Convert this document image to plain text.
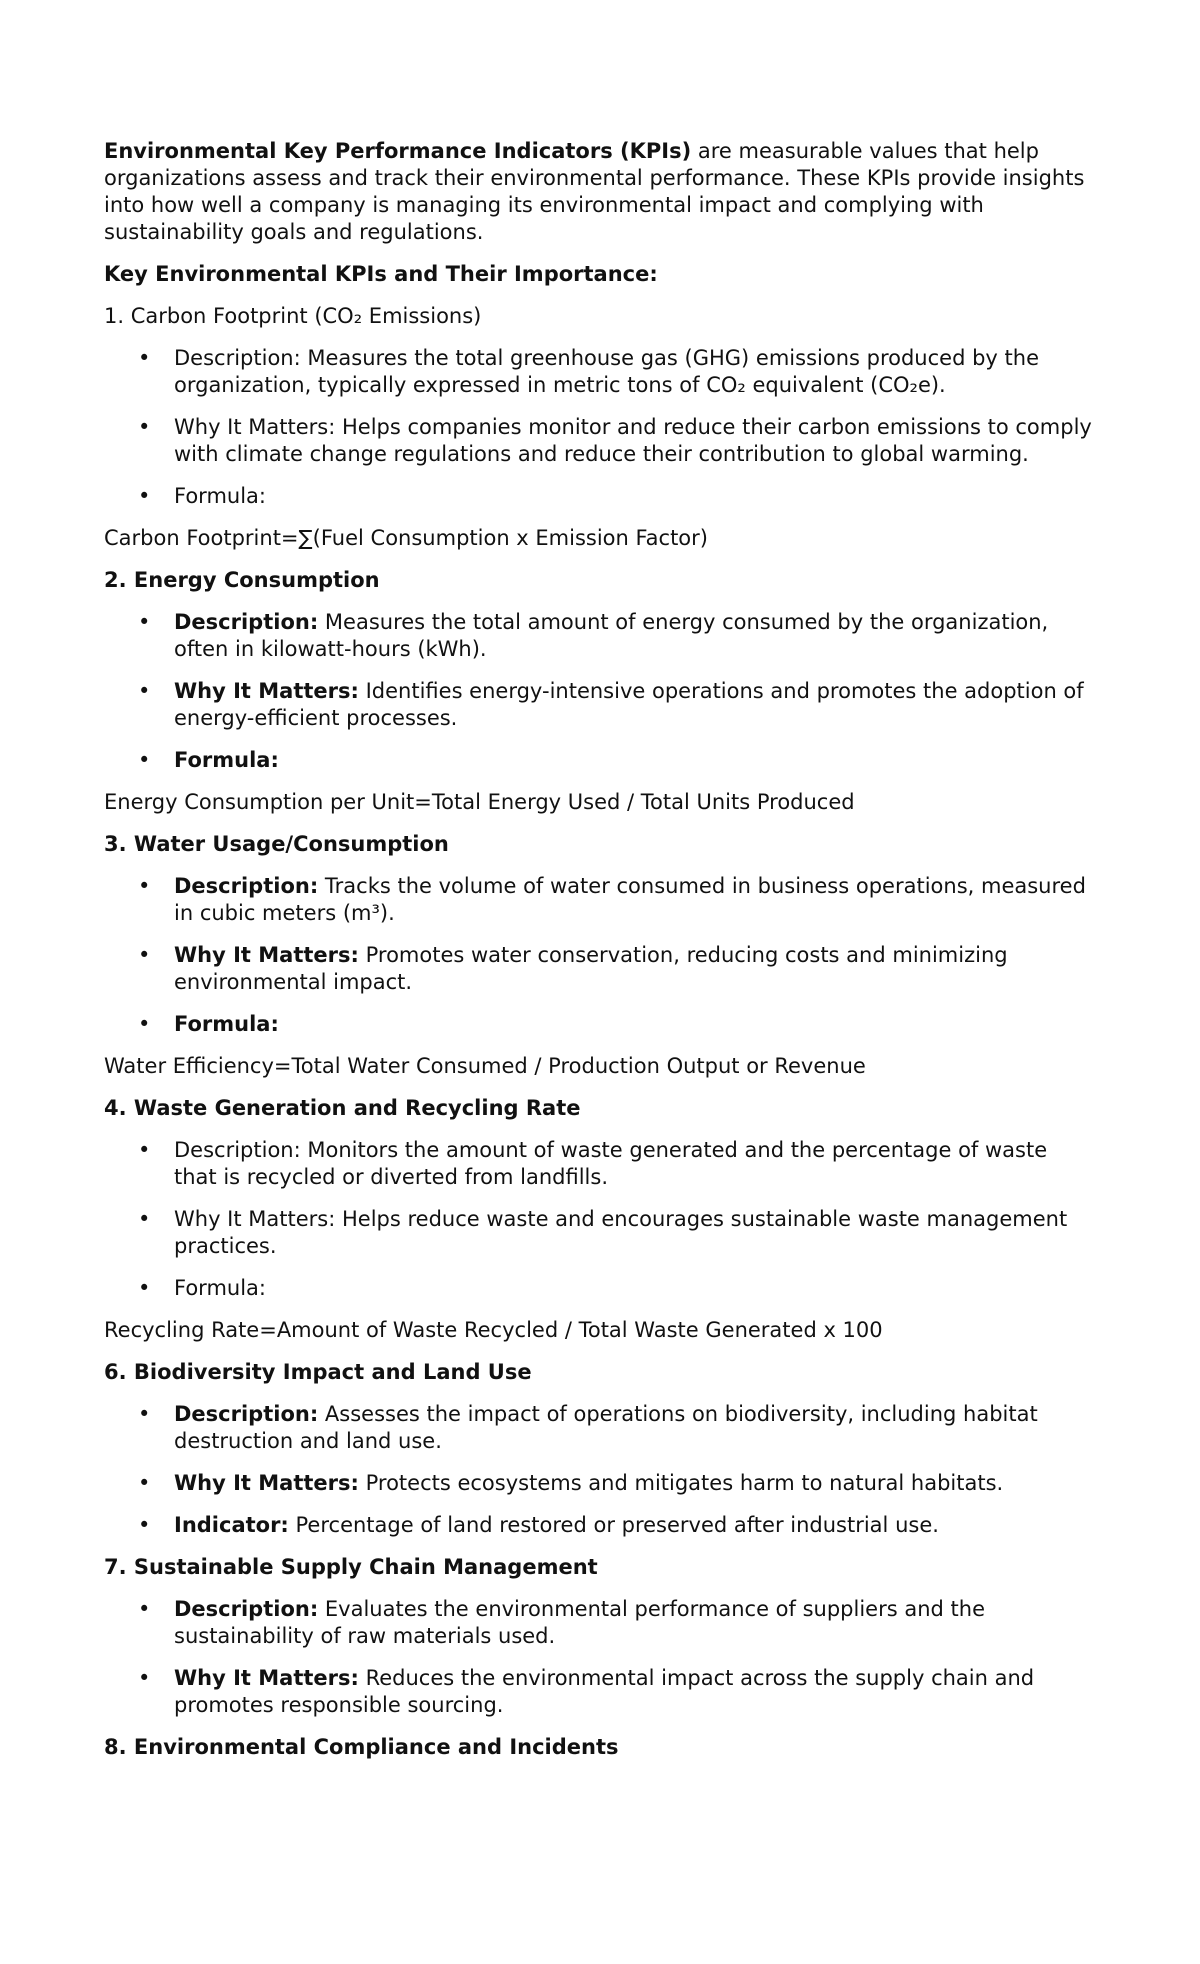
Environmental Key Performance Indicators (KPIs) are measurable values that help organizations assess and track their environmental performance. These KPIs provide insights into how well a company is managing its environmental impact and complying with sustainability goals and regulations.

Key Environmental KPIs and Their Importance:

1. Carbon Footprint (CO₂ Emissions)

• Description: Measures the total greenhouse gas (GHG) emissions produced by the organization, typically expressed in metric tons of CO₂ equivalent (CO₂e).
• Why It Matters: Helps companies monitor and reduce their carbon emissions to comply with climate change regulations and reduce their contribution to global warming.
• Formula:

Carbon Footprint=∑(Fuel Consumption x Emission Factor)

2. Energy Consumption

• Description: Measures the total amount of energy consumed by the organization, often in kilowatt-hours (kWh).
• Why It Matters: Identifies energy-intensive operations and promotes the adoption of energy-efficient processes.
• Formula:

Energy Consumption per Unit=Total Energy Used / Total Units Produced

3. Water Usage/Consumption

• Description: Tracks the volume of water consumed in business operations, measured in cubic meters (m³).
• Why It Matters: Promotes water conservation, reducing costs and minimizing environmental impact.
• Formula:

Water Efficiency=Total Water Consumed / Production Output or Revenue

4. Waste Generation and Recycling Rate

• Description: Monitors the amount of waste generated and the percentage of waste that is recycled or diverted from landfills.
• Why It Matters: Helps reduce waste and encourages sustainable waste management practices.
• Formula:

Recycling Rate=Amount of Waste Recycled / Total Waste Generated x 100

6. Biodiversity Impact and Land Use

• Description: Assesses the impact of operations on biodiversity, including habitat destruction and land use.
• Why It Matters: Protects ecosystems and mitigates harm to natural habitats.
• Indicator: Percentage of land restored or preserved after industrial use.

7. Sustainable Supply Chain Management

• Description: Evaluates the environmental performance of suppliers and the sustainability of raw materials used.
• Why It Matters: Reduces the environmental impact across the supply chain and promotes responsible sourcing.

8. Environmental Compliance and Incidents
